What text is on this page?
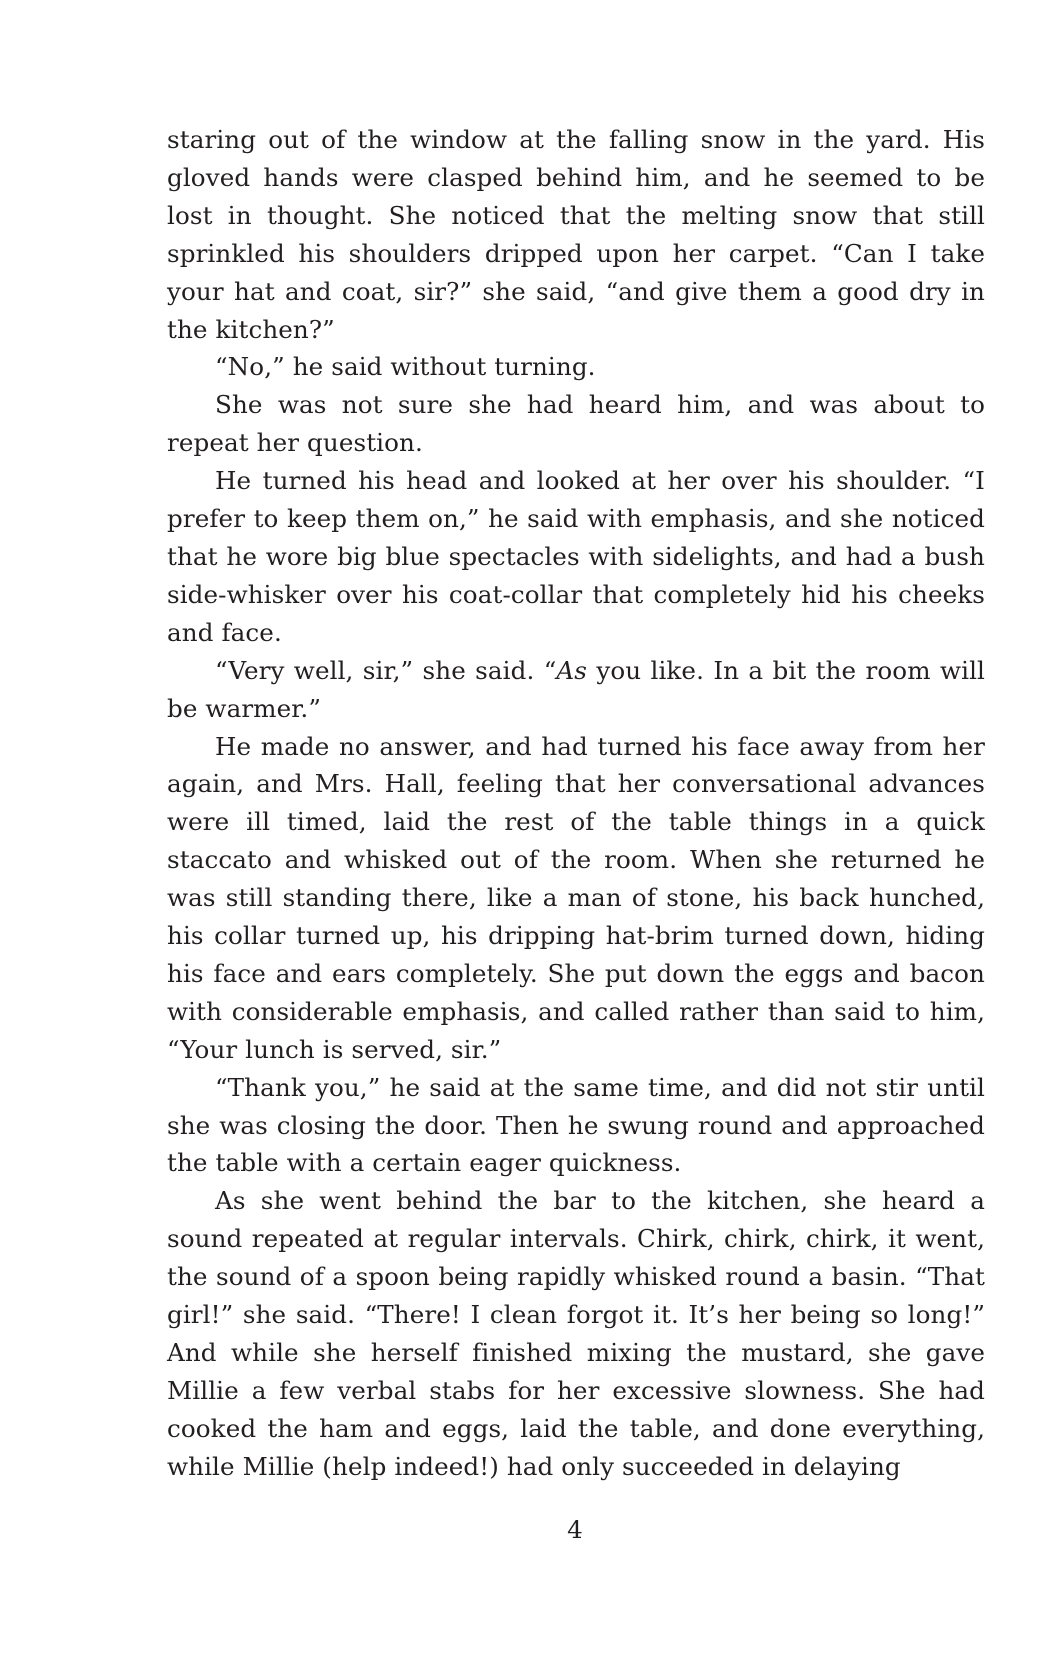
staring out of the window at the falling snow in the yard. His gloved hands were clasped behind him, and he seemed to be lost in thought. She noticed that the melting snow that still sprinkled his shoulders dripped upon her carpet. “Can I take your hat and coat, sir?” she said, “and give them a good dry in the kitchen?”

“No,” he said without turning.

She was not sure she had heard him, and was about to repeat her question.

He turned his head and looked at her over his shoulder. “I prefer to keep them on,” he said with emphasis, and she noticed that he wore big blue spectacles with sidelights, and had a bush side-whisker over his coat-collar that completely hid his cheeks and face.

“Very well, sir,” she said. “As you like. In a bit the room will be warmer.”

He made no answer, and had turned his face away from her again, and Mrs. Hall, feeling that her conversational advances were ill timed, laid the rest of the table things in a quick staccato and whisked out of the room. When she returned he was still standing there, like a man of stone, his back hunched, his collar turned up, his dripping hat-brim turned down, hiding his face and ears completely. She put down the eggs and bacon with considerable emphasis, and called rather than said to him, “Your lunch is served, sir.”

“Thank you,” he said at the same time, and did not stir until she was closing the door. Then he swung round and approached the table with a certain eager quickness.

As she went behind the bar to the kitchen, she heard a sound repeated at regular intervals. Chirk, chirk, chirk, it went, the sound of a spoon being rapidly whisked round a basin. “That girl!” she said. “There! I clean forgot it. It’s her being so long!” And while she herself finished mixing the mustard, she gave Millie a few verbal stabs for her excessive slowness. She had cooked the ham and eggs, laid the table, and done everything, while Millie (help indeed!) had only succeeded in delaying

4
